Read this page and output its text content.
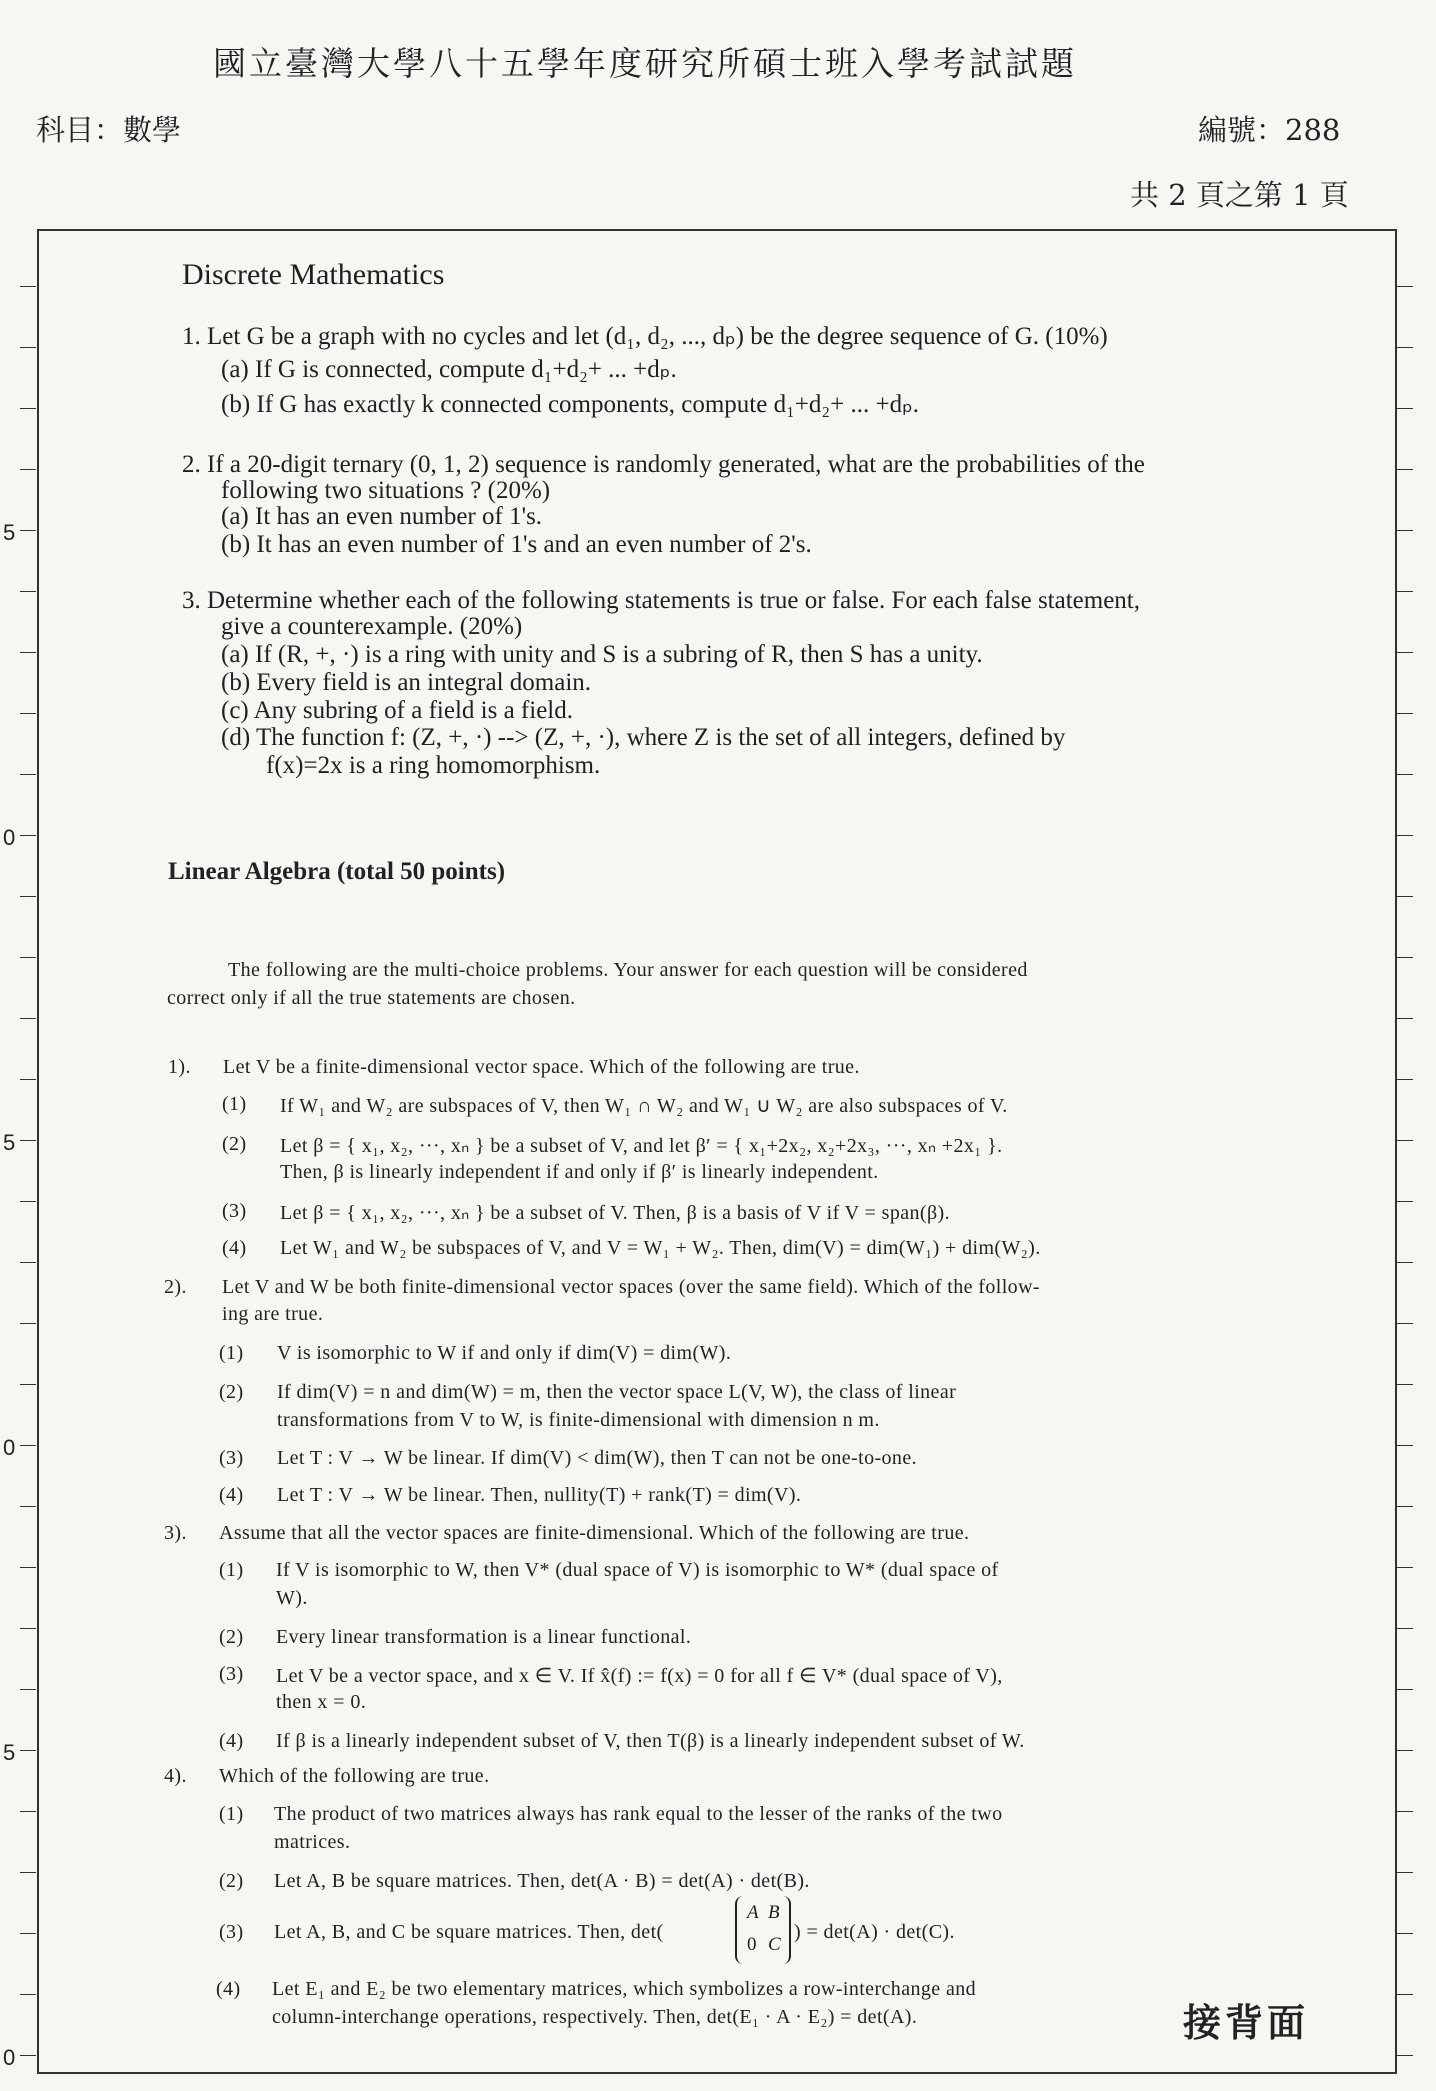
國立臺灣大學八十五學年度研究所碩士班入學考試試題
科目：數學	編號：288
共 2 頁之第 1 頁
5
0
5
0
5
0
Discrete Mathematics
1. Let G be a graph with no cycles and let (d₁, d₂, ..., dₚ) be the degree sequence of G. (10%)
(a) If G is connected, compute d₁+d₂+ ... +dₚ.
(b) If G has exactly k connected components, compute d₁+d₂+ ... +dₚ.
2. If a 20-digit ternary (0, 1, 2) sequence is randomly generated, what are the probabilities of the
following two situations ? (20%)
(a) It has an even number of 1's.
(b) It has an even number of 1's and an even number of 2's.
3. Determine whether each of the following statements is true or false. For each false statement,
give a counterexample. (20%)
(a) If (R, +, ·) is a ring with unity and S is a subring of R, then S has a unity.
(b) Every field is an integral domain.
(c) Any subring of a field is a field.
(d) The function f: (Z, +, ·) --> (Z, +, ·), where Z is the set of all integers, defined by
f(x)=2x is a ring homomorphism.
Linear Algebra (total 50 points)
The following are the multi-choice problems. Your answer for each question will be considered
correct only if all the true statements are chosen.
1). Let V be a finite-dimensional vector space. Which of the following are true.
(1) If W₁ and W₂ are subspaces of V, then W₁ ∩ W₂ and W₁ ∪ W₂ are also subspaces of V.
(2) Let β = { x₁, x₂, ···, xₙ } be a subset of V, and let β′ = { x₁+2x₂, x₂+2x₃, ···, xₙ +2x₁ }.
Then, β is linearly independent if and only if β′ is linearly independent.
(3) Let β = { x₁, x₂, ···, xₙ } be a subset of V. Then, β is a basis of V if V = span(β).
(4) Let W₁ and W₂ be subspaces of V, and V = W₁ + W₂. Then, dim(V) = dim(W₁) + dim(W₂).
2). Let V and W be both finite-dimensional vector spaces (over the same field). Which of the follow-
ing are true.
(1) V is isomorphic to W if and only if dim(V) = dim(W).
(2) If dim(V) = n and dim(W) = m, then the vector space L(V, W), the class of linear
transformations from V to W, is finite-dimensional with dimension n m.
(3) Let T : V → W be linear. If dim(V) < dim(W), then T can not be one-to-one.
(4) Let T : V → W be linear. Then, nullity(T) + rank(T) = dim(V).
3). Assume that all the vector spaces are finite-dimensional. Which of the following are true.
(1) If V is isomorphic to W, then V* (dual space of V) is isomorphic to W* (dual space of
W).
(2) Every linear transformation is a linear functional.
(3) Let V be a vector space, and x ∈ V. If x̂(f) := f(x) = 0 for all f ∈ V* (dual space of V),
then x = 0.
(4) If β is a linearly independent subset of V, then T(β) is a linearly independent subset of W.
4). Which of the following are true.
(1) The product of two matrices always has rank equal to the lesser of the ranks of the two
matrices.
(2) Let A, B be square matrices. Then, det(A · B) = det(A) · det(B).
(3) Let A, B, and C be square matrices. Then, det(
A B
0 C
) = det(A) · det(C).
(4) Let E₁ and E₂ be two elementary matrices, which symbolizes a row-interchange and
column-interchange operations, respectively. Then, det(E₁ · A · E₂) = det(A).	接背面
